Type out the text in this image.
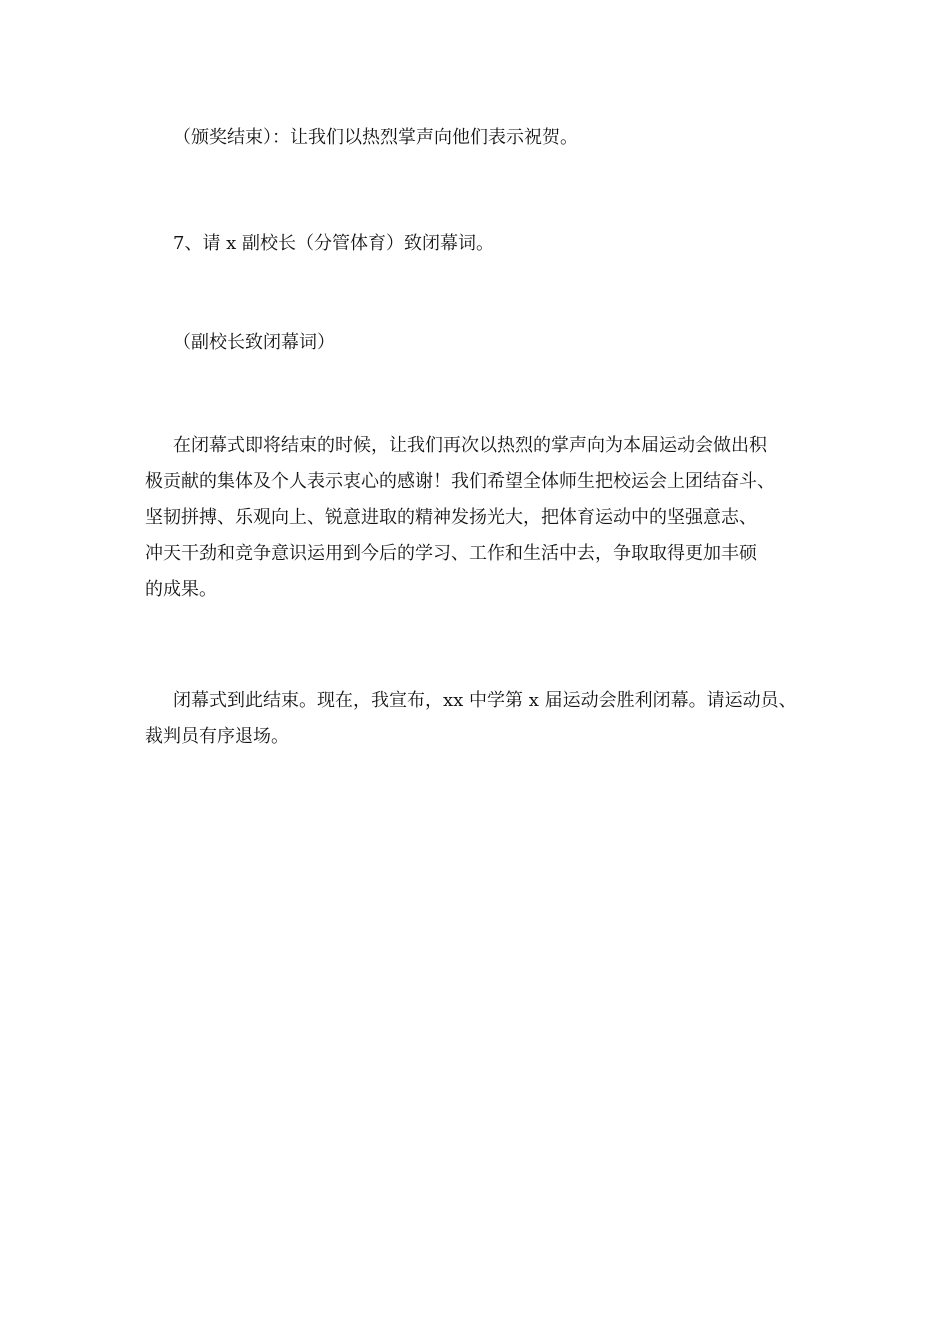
（颁奖结束）：让我们以热烈掌声向他们表示祝贺。

7、请 x 副校长（分管体育）致闭幕词。

（副校长致闭幕词）

在闭幕式即将结束的时候，让我们再次以热烈的掌声向为本届运动会做出积
极贡献的集体及个人表示衷心的感谢！我们希望全体师生把校运会上团结奋斗、
坚韧拼搏、乐观向上、锐意进取的精神发扬光大，把体育运动中的坚强意志、
冲天干劲和竞争意识运用到今后的学习、工作和生活中去，争取取得更加丰硕
的成果。

闭幕式到此结束。现在，我宣布，xx 中学第 x 届运动会胜利闭幕。请运动员、
裁判员有序退场。
